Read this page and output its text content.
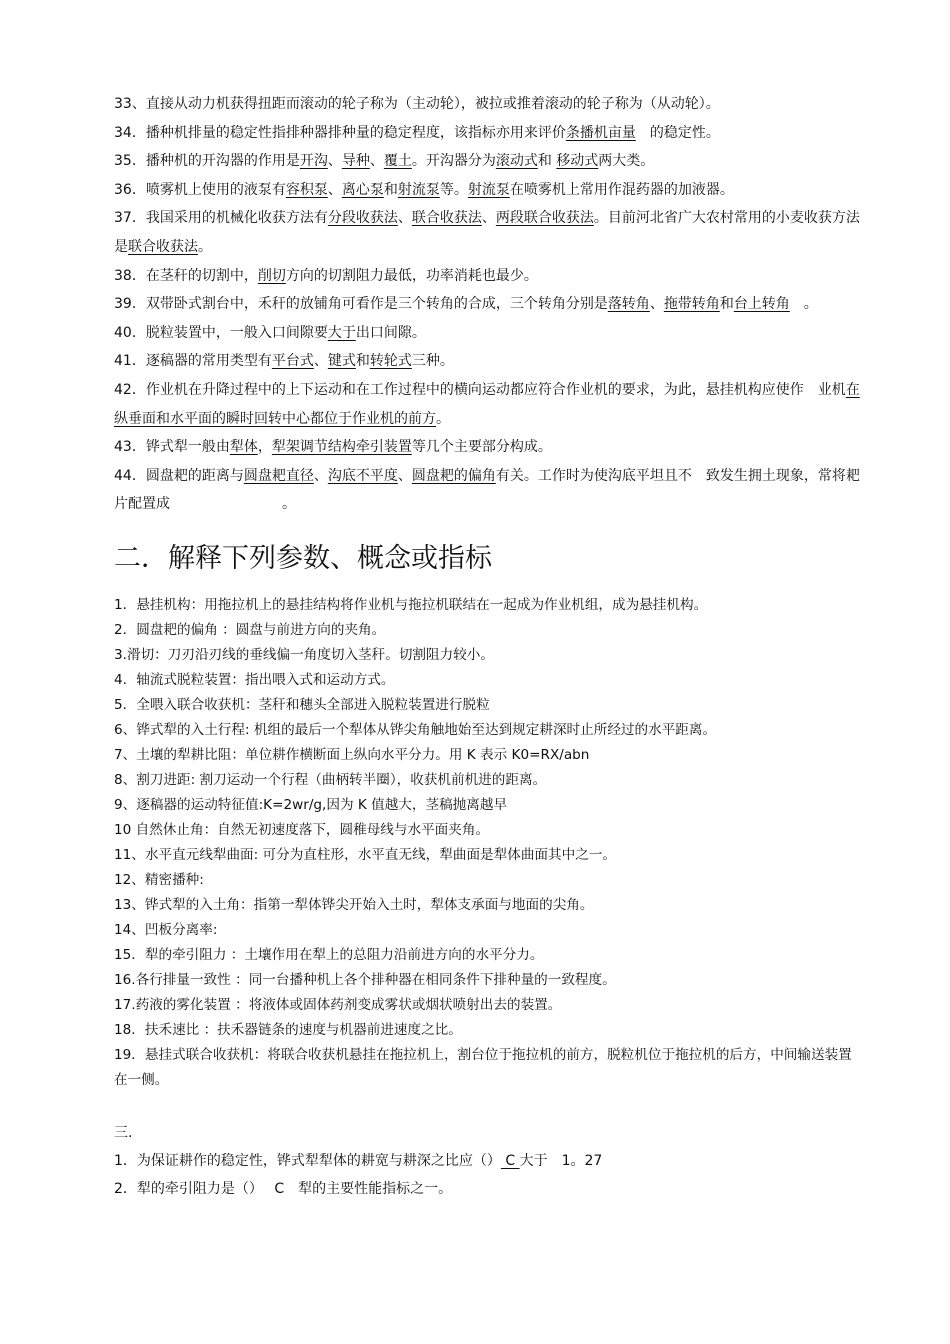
33、直接从动力机获得扭距而滚动的轮子称为（主动轮），被拉或推着滚动的轮子称为（从动轮）。

34．播种机排量的稳定性指排种器排种量的稳定程度，该指标亦用来评价条播机亩量　的稳定性。

35．播种机的开沟器的作用是开沟、导种、覆土。开沟器分为滚动式和 移动式两大类。

36．喷雾机上使用的液泵有容积泵、离心泵和射流泵等。射流泵在喷雾机上常用作混药器的加液器。

37．我国采用的机械化收获方法有分段收获法、联合收获法、两段联合收获法。目前河北省广大农村常用的小麦收获方法是联合收获法。

38．在茎秆的切割中，削切方向的切割阻力最低，功率消耗也最少。

39．双带卧式割台中，禾秆的放铺角可看作是三个转角的合成，三个转角分别是落转角、拖带转角和台上转角　。

40．脱粒装置中，一般入口间隙要大于出口间隙。

41．逐稿器的常用类型有平台式、键式和转轮式三种。

42．作业机在升降过程中的上下运动和在工作过程中的横向运动都应符合作业机的要求，为此，悬挂机构应使作　业机在纵垂面和水平面的瞬时回转中心都位于作业机的前方。

43．铧式犁一般由犁体，犁架调节结构牵引装置等几个主要部分构成。

44．圆盘耙的距离与圆盘耙直径、沟底不平度、圆盘耙的偏角有关。工作时为使沟底平坦且不　致发生拥土现象，常将耙片配置成	。

二．解释下列参数、概念或指标

1．悬挂机构：用拖拉机上的悬挂结构将作业机与拖拉机联结在一起成为作业机组，成为悬挂机构。

2．圆盘耙的偏角 ：圆盘与前进方向的夹角。

3.滑切：刀刃沿刃线的垂线偏一角度切入茎秆。切割阻力较小。

4．轴流式脱粒装置：指出喂入式和运动方式。

5．全喂入联合收获机：茎秆和穗头全部进入脱粒装置进行脱粒

6、铧式犁的入土行程: 机组的最后一个犁体从铧尖角触地始至达到规定耕深时止所经过的水平距离。

7、土壤的犁耕比阻：单位耕作横断面上纵向水平分力。用 K 表示 K0=RX/abn

8、割刀进距: 割刀运动一个行程（曲柄转半圈），收获机前机进的距离。

9、逐稿器的运动特征值:K=2wr/g,因为 K 值越大，茎稿抛离越早

10 自然休止角：自然无初速度落下，圆稚母线与水平面夹角。

11、水平直元线犁曲面: 可分为直柱形，水平直无线，犁曲面是犁体曲面其中之一。

12、精密播种:

13、铧式犁的入土角：指第一犁体铧尖开始入土时，犁体支承面与地面的尖角。

14、凹板分离率:

15．犁的牵引阻力 ：土壤作用在犁上的总阻力沿前进方向的水平分力。

16.各行排量一致性 ：同一台播种机上各个排种器在相同条件下排种量的一致程度。

17.药液的雾化装置 ：将液体或固体药剂变成雾状或烟状喷射出去的装置。

18．扶禾速比 ：扶禾器链条的速度与机器前进速度之比。

19．悬挂式联合收获机：将联合收获机悬挂在拖拉机上，割台位于拖拉机的前方，脱粒机位于拖拉机的后方，中间输送装置在一侧。

三.

1．为保证耕作的稳定性，铧式犁犁体的耕宽与耕深之比应（） C 大于　1。27

2．犁的牵引阻力是（）　 C　犁的主要性能指标之一。
